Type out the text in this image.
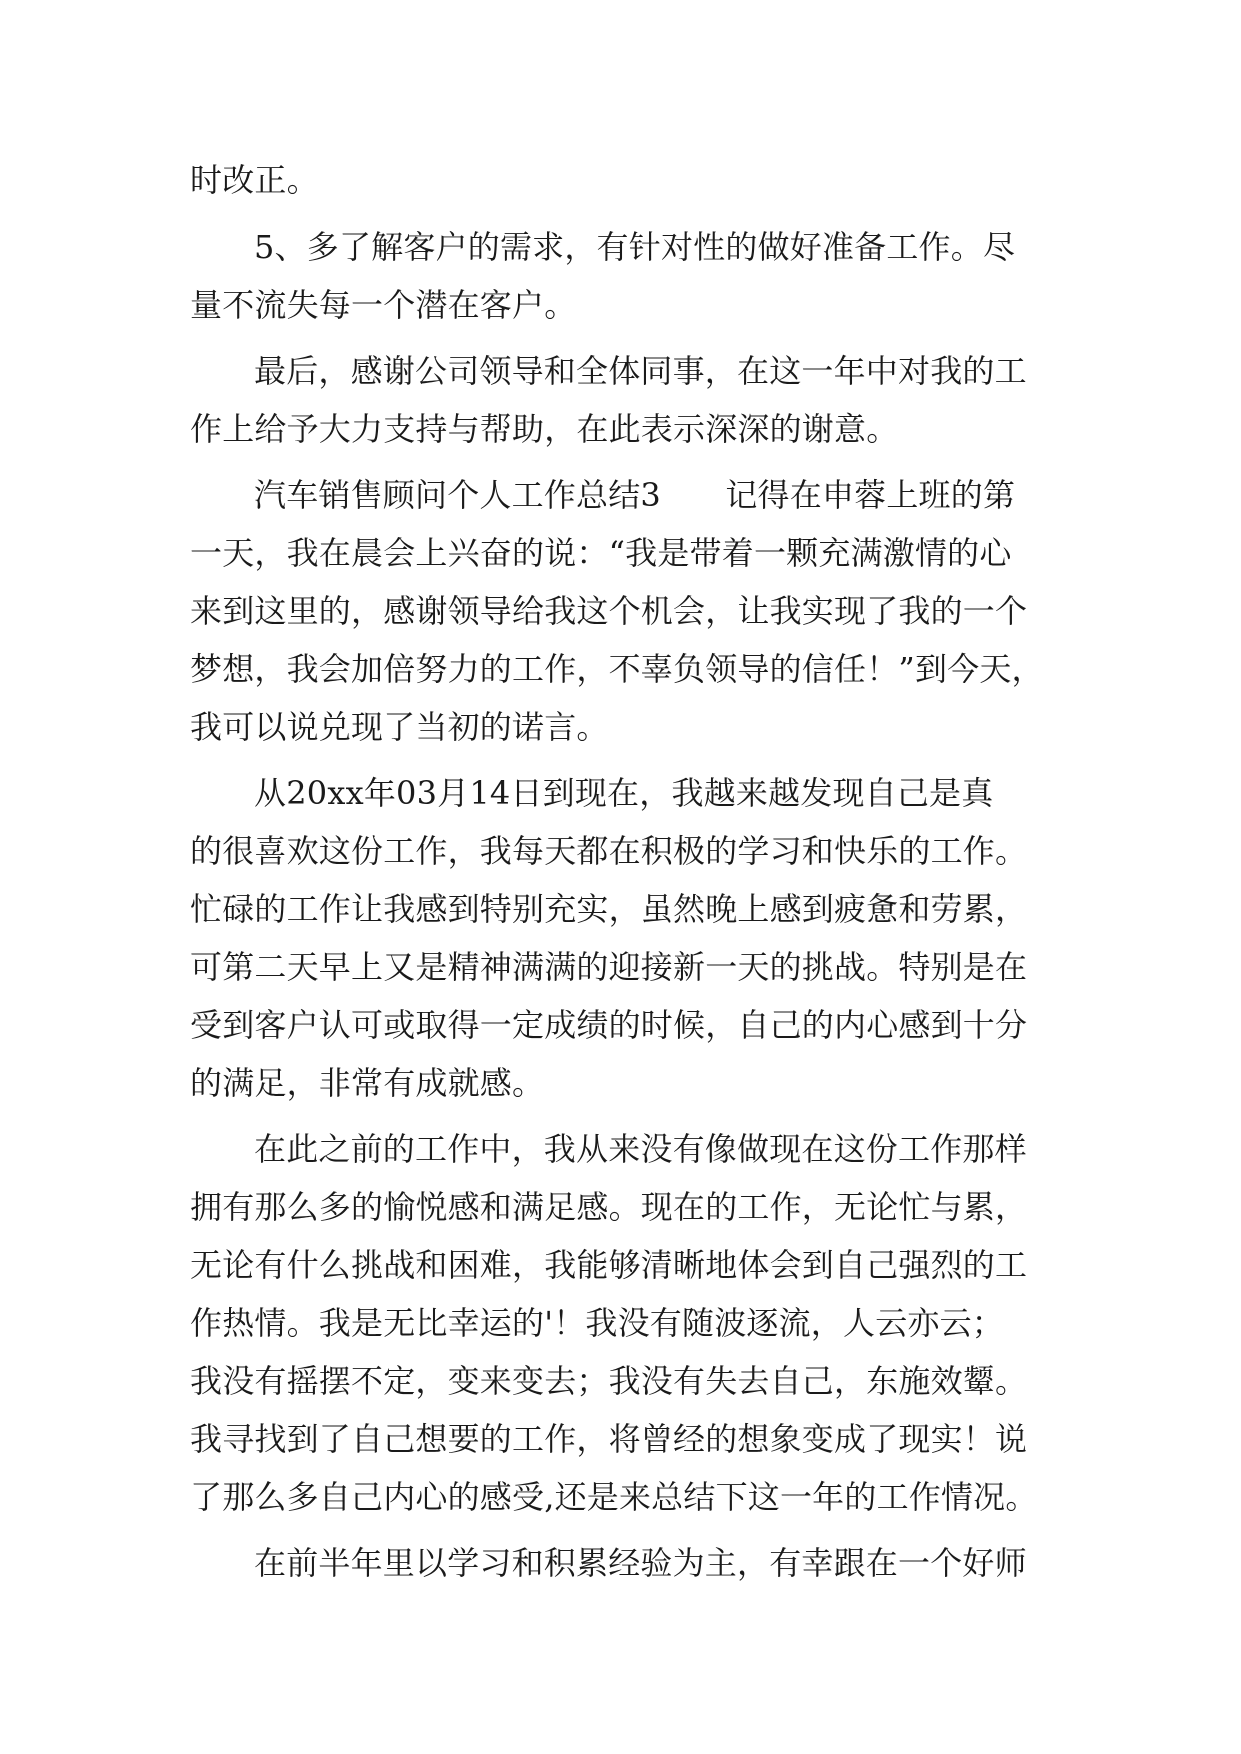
时改正。
5、多了解客户的需求，有针对性的做好准备工作。尽
量不流失每一个潜在客户。
最后，感谢公司领导和全体同事，在这一年中对我的工
作上给予大力支持与帮助，在此表示深深的谢意。
汽车销售顾问个人工作总结3　　记得在申蓉上班的第
一天，我在晨会上兴奋的说：“我是带着一颗充满激情的心
来到这里的，感谢领导给我这个机会，让我实现了我的一个
梦想，我会加倍努力的工作，不辜负领导的信任！”到今天，
我可以说兑现了当初的诺言。
从20xx年03月14日到现在，我越来越发现自己是真
的很喜欢这份工作，我每天都在积极的学习和快乐的工作。
忙碌的工作让我感到特别充实，虽然晚上感到疲惫和劳累，
可第二天早上又是精神满满的迎接新一天的挑战。特别是在
受到客户认可或取得一定成绩的时候，自己的内心感到十分
的满足，非常有成就感。
在此之前的工作中，我从来没有像做现在这份工作那样
拥有那么多的愉悦感和满足感。现在的工作，无论忙与累，
无论有什么挑战和困难，我能够清晰地体会到自己强烈的工
作热情。我是无比幸运的'！我没有随波逐流，人云亦云；
我没有摇摆不定，变来变去；我没有失去自己，东施效颦。
我寻找到了自己想要的工作，将曾经的想象变成了现实！说
了那么多自己内心的感受,还是来总结下这一年的工作情况。
在前半年里以学习和积累经验为主，有幸跟在一个好师
